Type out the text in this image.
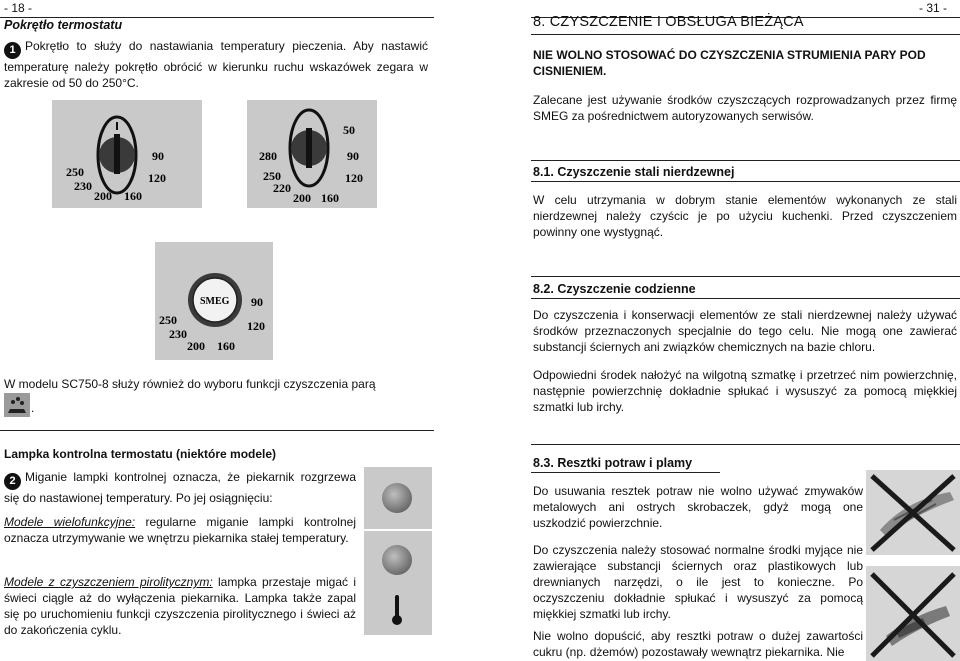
- 18 -
Pokrętło termostatu
1 Pokrętło to służy do nastawiania temperatury pieczenia. Aby nastawić temperaturę należy pokrętło obrócić w kierunku ruchu wskazówek zegara w zakresie od 50 do 250°C.
90
120
250
230
200 160
50
280	90
250	120
220
200 160
SMEG 90
120
250
230
200 160
W modelu SC750-8 służy również do wyboru funkcji czyszczenia parą
.
Lampka kontrolna termostatu (niektóre modele)
2 Miganie lampki kontrolnej oznacza, że piekarnik rozgrzewa się do nastawionej temperatury. Po jej osiągnięciu:
Modele wielofunkcyjne: regularne miganie lampki kontrolnej oznacza utrzymywanie we wnętrzu piekarnika stałej temperatury.
Modele z czyszczeniem pirolitycznym: lampka przestaje migać i świeci ciągle aż do wyłączenia piekarnika. Lampka także zapal się po uruchomieniu funkcji czyszczenia pirolitycznego i świeci aż do zakończenia cyklu.
- 31 -
8. CZYSZCZENIE I OBSŁUGA BIEŻĄCA
NIE WOLNO STOSOWAĆ DO CZYSZCZENIA STRUMIENIA PARY POD CISNIENIEM.
Zalecane jest używanie środków czyszczących rozprowadzanych przez firmę SMEG za pośrednictwem autoryzowanych serwisów.
8.1. Czyszczenie stali nierdzewnej
W celu utrzymania w dobrym stanie elementów wykonanych ze stali nierdzewnej należy czyścic je po użyciu kuchenki. Przed czyszczeniem powinny one wystygnąć.
8.2. Czyszczenie codzienne
Do czyszczenia i konserwacji elementów ze stali nierdzewnej należy używać środków przeznaczonych specjalnie do tego celu. Nie mogą one zawierać substancji ściernych ani związków chemicznych na bazie chloru.
Odpowiedni środek nałożyć na wilgotną szmatkę i przetrzeć nim powierzchnię, następnie powierzchnię dokładnie spłukać i wysuszyć za pomocą miękkiej szmatki lub irchy.
8.3. Resztki potraw i plamy
Do usuwania resztek potraw nie wolno używać zmywaków metalowych ani ostrych skrobaczek, gdyż mogą one uszkodzić powierzchnie.
Do czyszczenia należy stosować normalne środki myjące nie zawierające substancji ściernych oraz plastikowych lub drewnianych narzędzi, o ile jest to konieczne. Po oczyszczeniu dokładnie spłukać i wysuszyć za pomocą miękkiej szmatki lub irchy.
Nie wolno dopuścić, aby resztki potraw o dużej zawartości cukru (np. dżemów) pozostawały wewnątrz piekarnika. Nie
